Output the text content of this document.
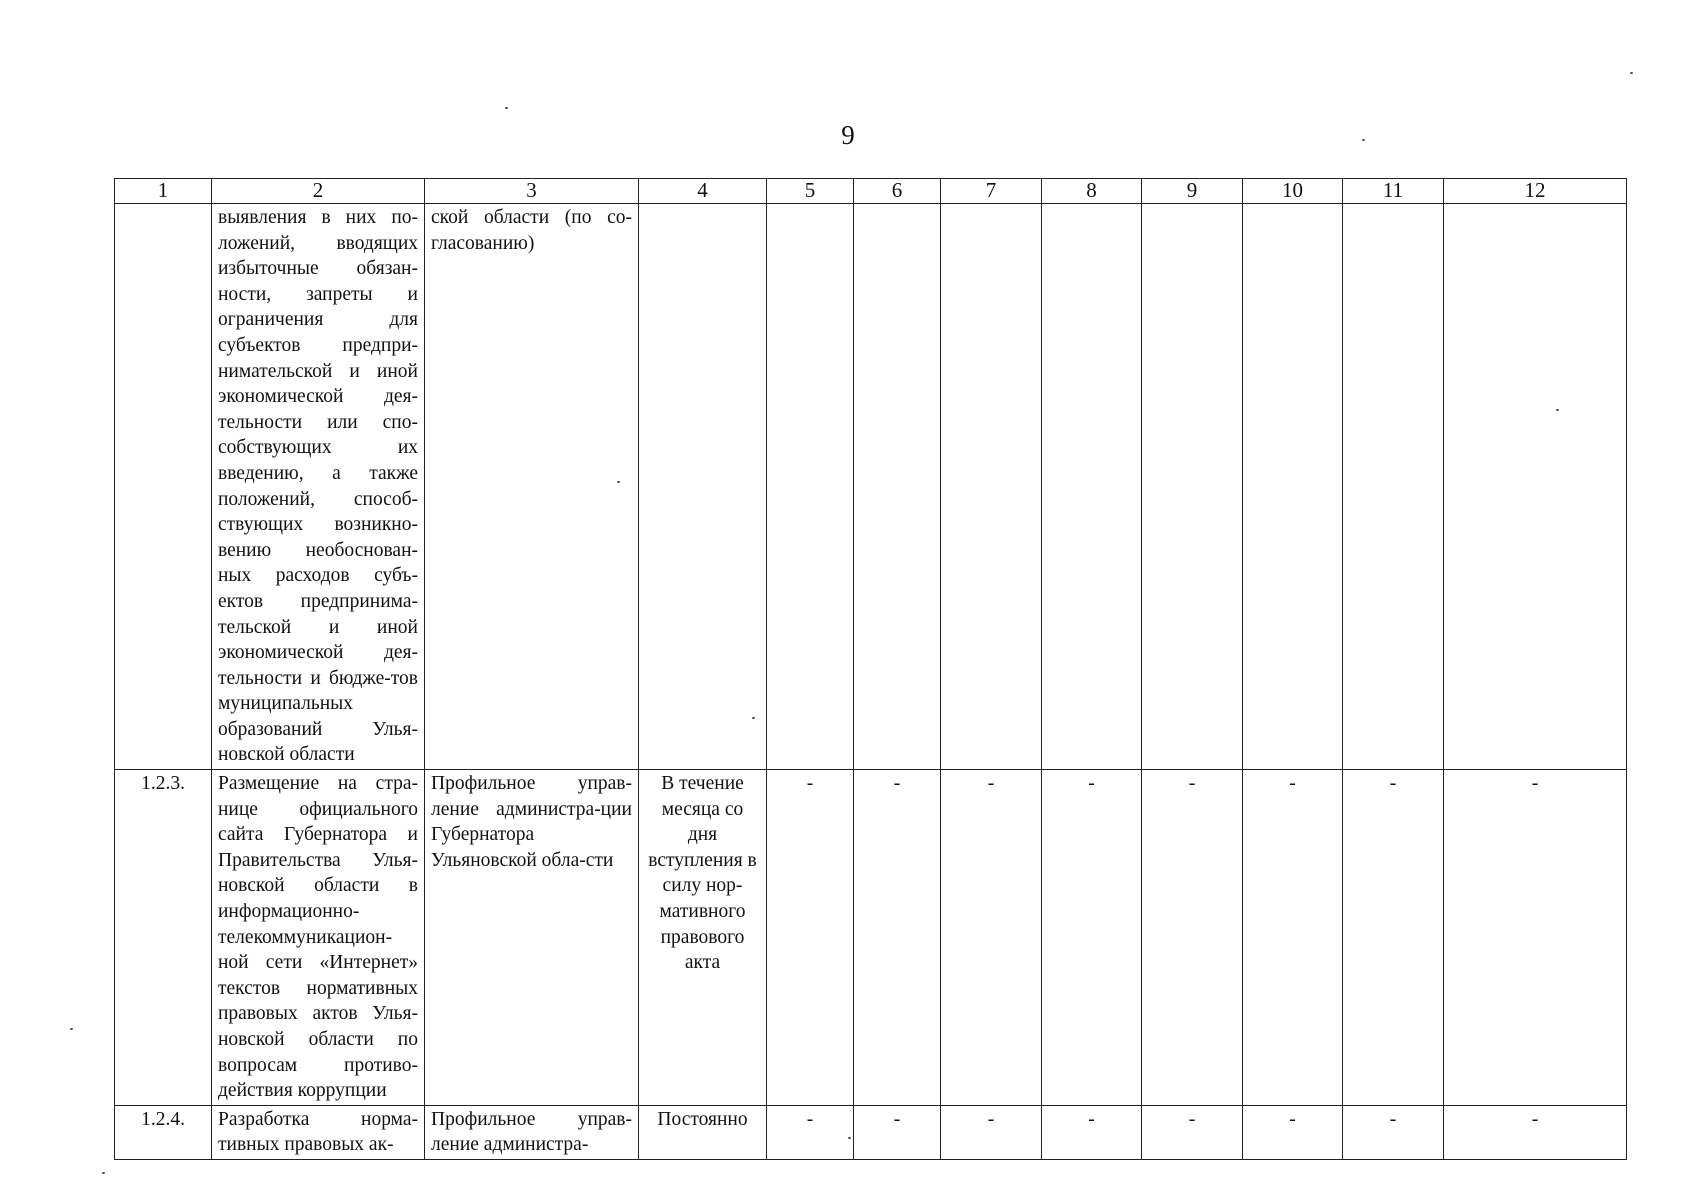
9
1	2	3	4	5	6	7	8	9	10	11	12
	выявления в них по-ложений, вводящих избыточные обязан-ности, запреты и ограничения для субъектов предпри-нимательской и иной экономической дея-тельности или спо-собствующих их введению, а также положений, способ-ствующих возникно-вению необоснован-ных расходов субъ-ектов предпринима-тельской и иной экономической дея-тельности и бюдже-тов муниципальных образований Улья-новской области	ской области (по со-гласованию)									
1.2.3.	Размещение на стра-нице официального сайта Губернатора и Правительства Улья-новской области в информационно-телекоммуникацион-ной сети «Интернет» текстов нормативных правовых актов Улья-новской области по вопросам противо-действия коррупции	Профильное управ-ление администра-ции Губернатора Ульяновской обла-сти	В течение месяца со дня вступления в силу нор-мативного правового акта	-	-	-	-	-	-	-	-
1.2.4.	Разработка норма-тивных правовых ак-	Профильное управ-ление администра-	Постоянно	-	-	-	-	-	-	-	-
